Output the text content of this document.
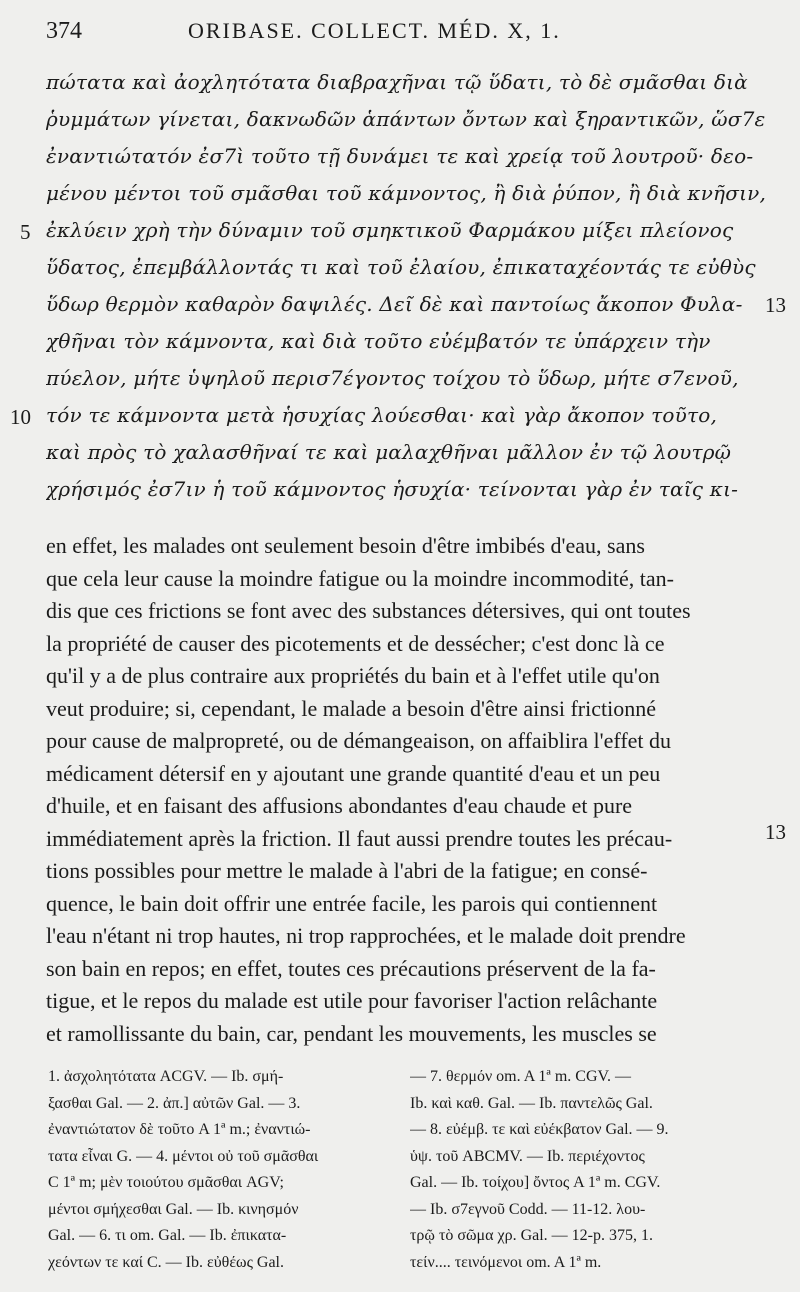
374	ORIBASE. COLLECT. MÉD. X, 1.
πώτατα καὶ ἀοχλητότατα διαβραχῆναι τῷ ὕδατι, τὸ δὲ σμᾶσθαι διὰ
ῥυμμάτων γίνεται, δακνωδῶν ἁπάντων ὄντων καὶ ξηραντικῶν, ὥσ7ε
ἐναντιώτατόν ἐσ7ὶ τοῦτο τῇ δυνάμει τε καὶ χρείᾳ τοῦ λουτροῦ· δεο-
μένου μέντοι τοῦ σμᾶσθαι τοῦ κάμνοντος, ἢ διὰ ῥύπον, ἢ διὰ κνῆσιν,
ἐκλύειν χρὴ τὴν δύναμιν τοῦ σμηκτικοῦ Φαρμάκου μίξει πλείονος
ὕδατος, ἐπεμβάλλοντάς τι καὶ τοῦ ἐλαίου, ἐπικαταχέοντάς τε εὐθὺς
ὕδωρ θερμὸν καθαρὸν δαψιλές. Δεῖ δὲ καὶ παντοίως ἄκοπον Φυλα-
χθῆναι τὸν κάμνοντα, καὶ διὰ τοῦτο εὐέμβατόν τε ὑπάρχειν τὴν
πύελον, μήτε ὑψηλοῦ περισ7έγοντος τοίχου τὸ ὕδωρ, μήτε σ7ενοῦ,
τόν τε κάμνοντα μετὰ ἡσυχίας λούεσθαι· καὶ γὰρ ἄκοπον τοῦτο,
καὶ πρὸς τὸ χαλασθῆναί τε καὶ μαλαχθῆναι μᾶλλον ἐν τῷ λουτρῷ
χρήσιμός ἐσ7ιν ἡ τοῦ κάμνοντος ἡσυχία· τείνονται γὰρ ἐν ταῖς κι-
5
10
13
en effet, les malades ont seulement besoin d'être imbibés d'eau, sans
que cela leur cause la moindre fatigue ou la moindre incommodité, tan-
dis que ces frictions se font avec des substances détersives, qui ont toutes
la propriété de causer des picotements et de dessécher; c'est donc là ce
qu'il y a de plus contraire aux propriétés du bain et à l'effet utile qu'on
veut produire; si, cependant, le malade a besoin d'être ainsi frictionné
pour cause de malpropreté, ou de démangeaison, on affaiblira l'effet du
médicament détersif en y ajoutant une grande quantité d'eau et un peu
d'huile, et en faisant des affusions abondantes d'eau chaude et pure
immédiatement après la friction. Il faut aussi prendre toutes les précau-
tions possibles pour mettre le malade à l'abri de la fatigue; en consé-
quence, le bain doit offrir une entrée facile, les parois qui contiennent
l'eau n'étant ni trop hautes, ni trop rapprochées, et le malade doit prendre
son bain en repos; en effet, toutes ces précautions préservent de la fa-
tigue, et le repos du malade est utile pour favoriser l'action relâchante
et ramollissante du bain, car, pendant les mouvements, les muscles se
13
1. ἀσχολητότατα ACGV. — Ib. σμή-
ξασθαι Gal. — 2. ἀπ.] αὐτῶν Gal. — 3.
ἐναντιώτατον δὲ τοῦτο A 1ª m.; ἐναντιώ-
τατα εἶναι G. — 4. μέντοι οὐ τοῦ σμᾶσθαι
C 1ª m; μὲν τοιούτου σμᾶσθαι AGV;
μέντοι σμήχεσθαι Gal. — Ib. κινησμόν
Gal. — 6. τι om. Gal. — Ib. ἐπικατα-
χεόντων τε καί C. — Ib. εὐθέως Gal.
— 7. θερμόν om. A 1ª m. CGV. —
Ib. καὶ καθ. Gal. — Ib. παντελῶς Gal.
— 8. εὐέμβ. τε καὶ εὐέκβατον Gal. — 9.
ὑψ. τοῦ ABCMV. — Ib. περιέχοντος
Gal. — Ib. τοίχου] ὄντος A 1ª m. CGV.
— Ib. σ7εγνοῦ Codd. — 11-12. λου-
τρῷ τὸ σῶμα χρ. Gal. — 12-p. 375, 1.
τείν.... τεινόμενοι om. A 1ª m.
